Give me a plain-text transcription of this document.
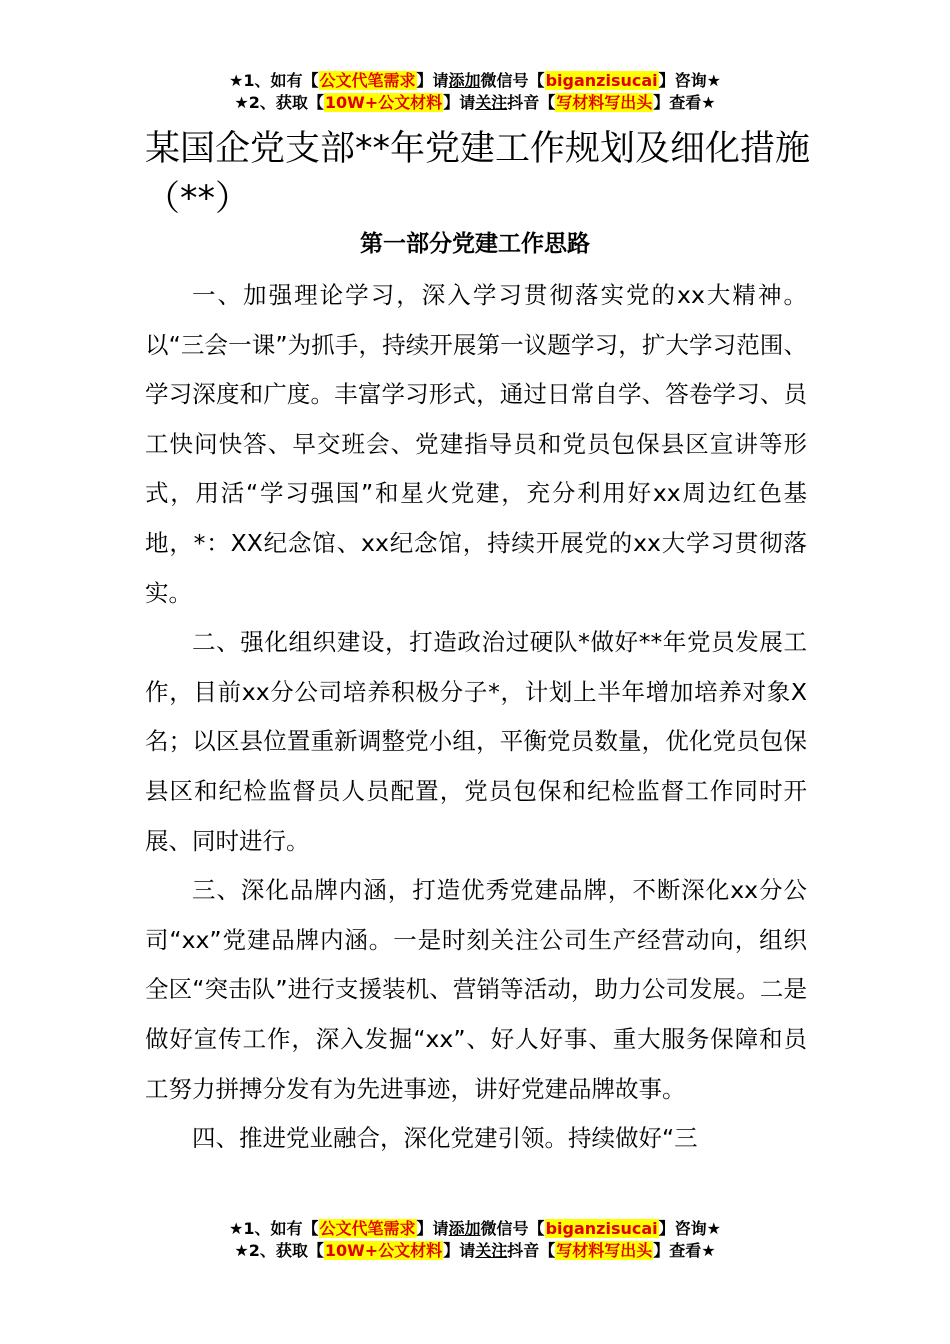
★1、如有【公文代笔需求】请添加微信号【biganzisucai】咨询★
★2、获取【10W+公文材料】请关注抖音【写材料写出头】查看★
某国企党支部**年党建工作规划及细化措施（**）
第一部分党建工作思路

一、加强理论学习，深入学习贯彻落实党的xx大精神。以“三会一课”为抓手，持续开展第一议题学习，扩大学习范围、学习深度和广度。丰富学习形式，通过日常自学、答卷学习、员工快问快答、早交班会、党建指导员和党员包保县区宣讲等形式，用活“学习强国”和星火党建，充分利用好xx周边红色基地，*：XX纪念馆、xx纪念馆，持续开展党的xx大学习贯彻落实。

二、强化组织建设，打造政治过硬队*做好**年党员发展工作，目前xx分公司培养积极分子*，计划上半年增加培养对象X名；以区县位置重新调整党小组，平衡党员数量，优化党员包保县区和纪检监督员人员配置，党员包保和纪检监督工作同时开展、同时进行。

三、深化品牌内涵，打造优秀党建品牌，不断深化xx分公司“xx”党建品牌内涵。一是时刻关注公司生产经营动向，组织全区“突击队”进行支援装机、营销等活动，助力公司发展。二是做好宣传工作，深入发掘“xx”、好人好事、重大服务保障和员工努力拼搏分发有为先进事迹，讲好党建品牌故事。

四、推进党业融合，深化党建引领。持续做好“三

★1、如有【公文代笔需求】请添加微信号【biganzisucai】咨询★
★2、获取【10W+公文材料】请关注抖音【写材料写出头】查看★
